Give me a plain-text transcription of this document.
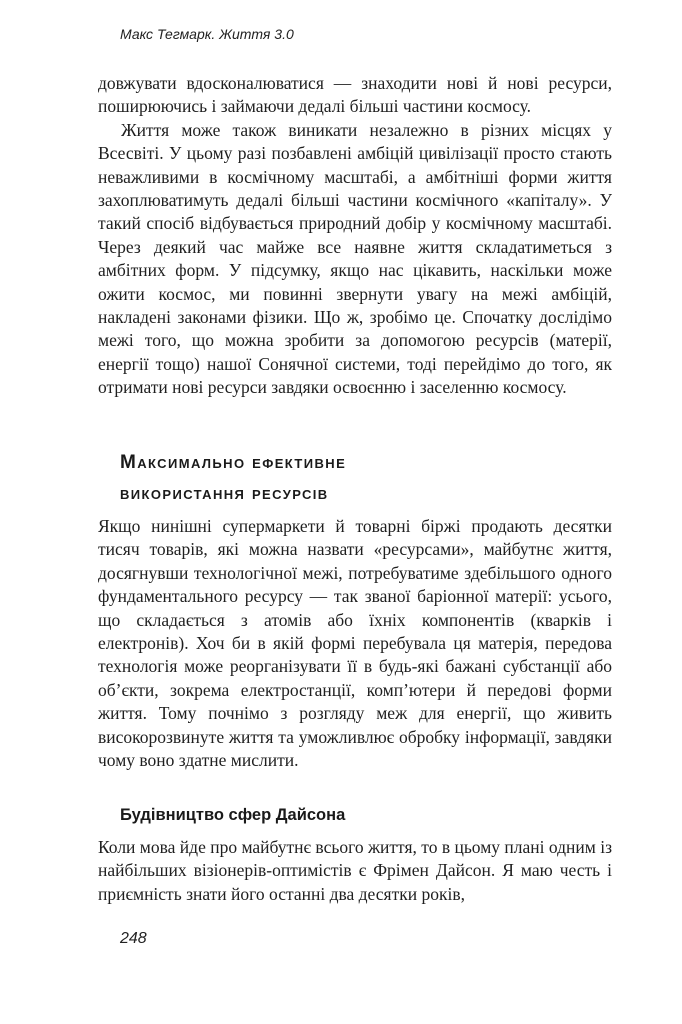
Макс Тегмарк. Життя 3.0

довжувати вдосконалюватися — знаходити нові й нові ресурси, поширюючись і займаючи дедалі більші частини космосу.

Життя може також виникати незалежно в різних місцях у Всесвіті. У цьому разі позбавлені амбіцій цивілізації просто стають неважливими в космічному масштабі, а амбітніші форми життя захоплюватимуть дедалі більші частини космічного «капіталу». У такий спосіб відбувається природний добір у космічному масштабі. Через деякий час майже все наявне життя складатиметься з амбітних форм. У підсумку, якщо нас цікавить, наскільки може ожити космос, ми повинні звернути увагу на межі амбіцій, накладені законами фізики. Що ж, зробімо це. Спочатку дослідімо межі того, що можна зробити за допомогою ресурсів (матерії, енергії тощо) нашої Сонячної системи, тоді перейдімо до того, як отримати нові ресурси завдяки освоєнню і заселенню космосу.

Максимально ефективне
використання ресурсів

Якщо нинішні супермаркети й товарні біржі продають десятки тисяч товарів, які можна назвати «ресурсами», майбутнє життя, досягнувши технологічної межі, потребуватиме здебільшого одного фундаментального ресурсу — так званої баріонної матерії: усього, що складається з атомів або їхніх компонентів (кварків і електронів). Хоч би в якій формі перебувала ця матерія, передова технологія може реорганізувати її в будь-які бажані субстанції або об’єкти, зокрема електростанції, комп’ютери й передові форми життя. Тому почнімо з розгляду меж для енергії, що живить високорозвинуте життя та уможливлює обробку інформації, завдяки чому воно здатне мислити.

Будівництво сфер Дайсона

Коли мова йде про майбутнє всього життя, то в цьому плані одним із найбільших візіонерів-оптимістів є Фрімен Дайсон. Я маю честь і приємність знати його останні два десятки років,

248
